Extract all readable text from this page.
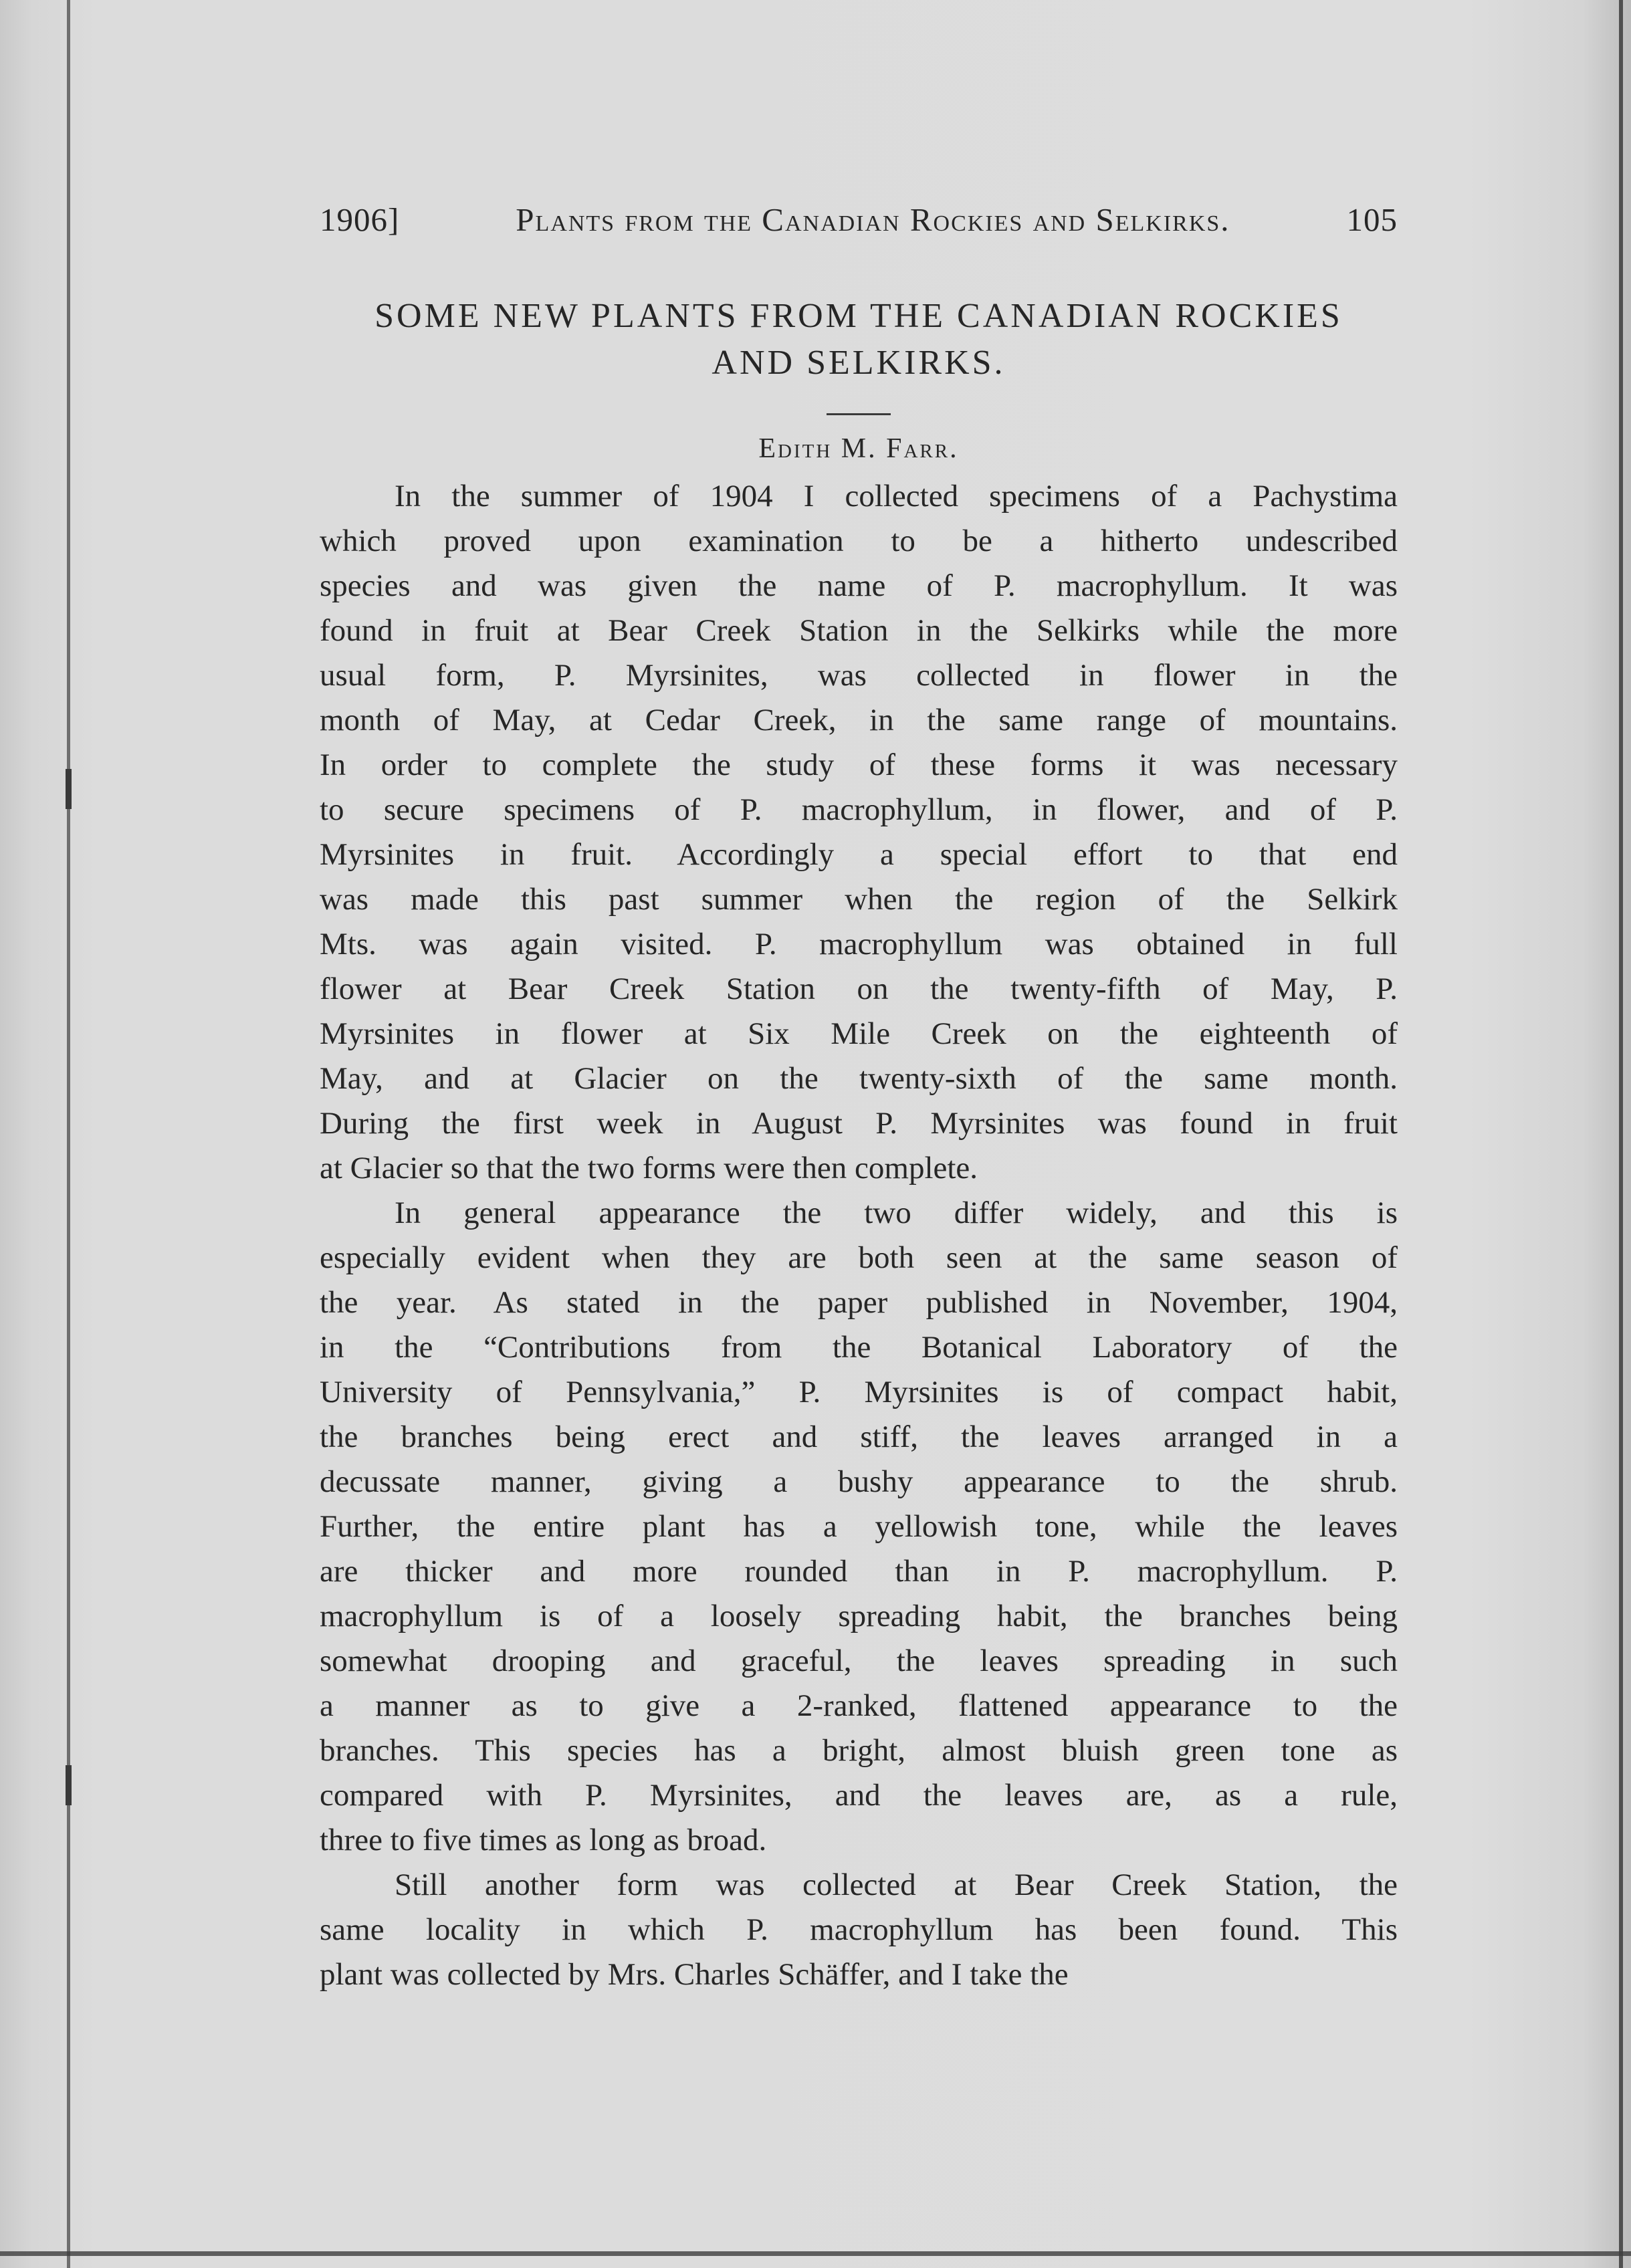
1906]	Plants from the Canadian Rockies and Selkirks.	105
SOME NEW PLANTS FROM THE CANADIAN ROCKIES
AND SELKIRKS.
Edith M. Farr.
In the summer of 1904 I collected specimens of a Pachystima
which proved upon examination to be a hitherto undescribed
species and was given the name of P. macrophyllum. It was
found in fruit at Bear Creek Station in the Selkirks while the more
usual form, P. Myrsinites, was collected in flower in the
month of May, at Cedar Creek, in the same range of mountains.
In order to complete the study of these forms it was necessary
to secure specimens of P. macrophyllum, in flower, and of P.
Myrsinites in fruit. Accordingly a special effort to that end
was made this past summer when the region of the Selkirk
Mts. was again visited. P. macrophyllum was obtained in full
flower at Bear Creek Station on the twenty-fifth of May, P.
Myrsinites in flower at Six Mile Creek on the eighteenth of
May, and at Glacier on the twenty-sixth of the same month.
During the first week in August P. Myrsinites was found in fruit
at Glacier so that the two forms were then complete.
In general appearance the two differ widely, and this is
especially evident when they are both seen at the same season of
the year. As stated in the paper published in November, 1904,
in the “Contributions from the Botanical Laboratory of the
University of Pennsylvania,” P. Myrsinites is of compact habit,
the branches being erect and stiff, the leaves arranged in a
decussate manner, giving a bushy appearance to the shrub.
Further, the entire plant has a yellowish tone, while the leaves
are thicker and more rounded than in P. macrophyllum. P.
macrophyllum is of a loosely spreading habit, the branches being
somewhat drooping and graceful, the leaves spreading in such
a manner as to give a 2-ranked, flattened appearance to the
branches. This species has a bright, almost bluish green tone as
compared with P. Myrsinites, and the leaves are, as a rule,
three to five times as long as broad.
Still another form was collected at Bear Creek Station, the
same locality in which P. macrophyllum has been found. This
plant was collected by Mrs. Charles Schäffer, and I take the
